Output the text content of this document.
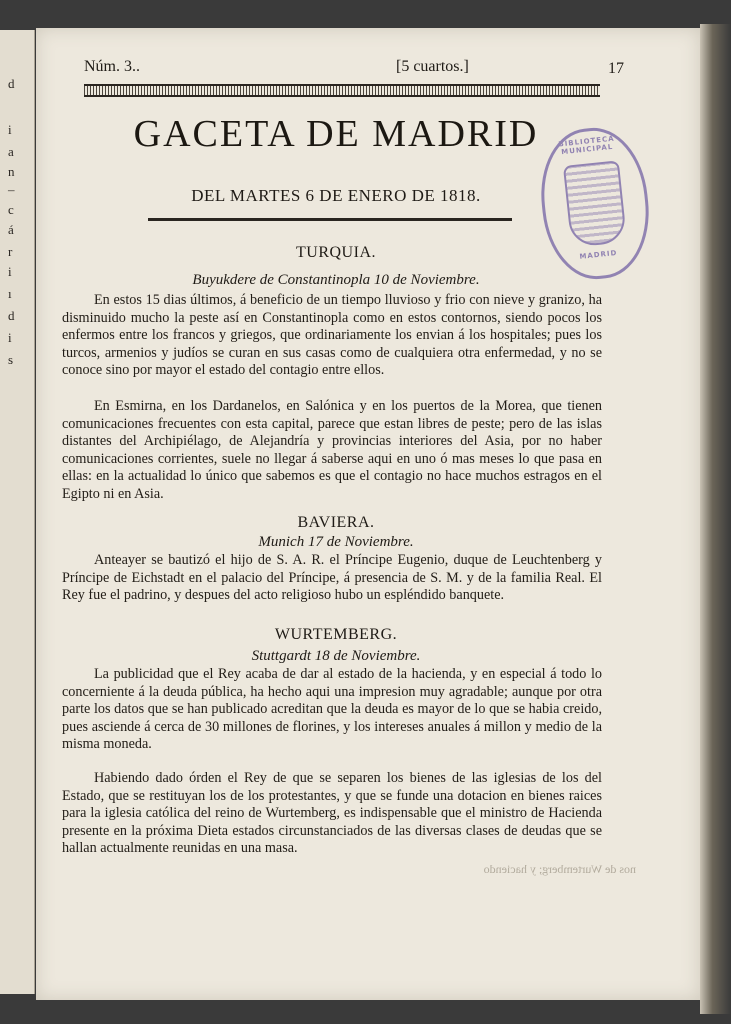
d
i
a
n
–
c
á
r
i
ı
d
i
s
Núm. 3..	[5 cuartos.]	17
GACETA DE MADRID
DEL MARTES 6 DE ENERO DE 1818.
BIBLIOTECA MUNICIPAL
MADRID
TURQUIA.
Buyukdere de Constantinopla 10 de Noviembre.
En estos 15 dias últimos, á beneficio de un tiempo lluvioso y frio con nieve y granizo, ha disminuido mucho la peste así en Constantinopla como en estos contornos, siendo pocos los enfermos entre los francos y griegos, que ordinariamente los envian á los hospitales; pues los turcos, armenios y judíos se curan en sus casas como de cualquiera otra enfermedad, y no se conoce sino por mayor el estado del contagio entre ellos.
En Esmirna, en los Dardanelos, en Salónica y en los puertos de la Morea, que tienen comunicaciones frecuentes con esta capital, parece que estan libres de peste; pero de las islas distantes del Archipiélago, de Alejandría y provincias interiores del Asia, por no haber comunicaciones corrientes, suele no llegar á saberse aqui en uno ó mas meses lo que pasa en ellas: en la actualidad lo único que sabemos es que el contagio no hace muchos estragos en el Egipto ni en Asia.
BAVIERA.
Munich 17 de Noviembre.
Anteayer se bautizó el hijo de S. A. R. el Príncipe Eugenio, duque de Leuchtenberg y Príncipe de Eichstadt en el palacio del Príncipe, á presencia de S. M. y de la familia Real. El Rey fue el padrino, y despues del acto religioso hubo un espléndido banquete.
WURTEMBERG.
Stuttgardt 18 de Noviembre.
La publicidad que el Rey acaba de dar al estado de la hacienda, y en especial á todo lo concerniente á la deuda pública, ha hecho aqui una impresion muy agradable; aunque por otra parte los datos que se han publicado acreditan que la deuda es mayor de lo que se habia creido, pues asciende á cerca de 30 millones de florines, y los intereses anuales á millon y medio de la misma moneda.
Habiendo dado órden el Rey de que se separen los bienes de las iglesias de los del Estado, que se restituyan los de los protestantes, y que se funde una dotacion en bienes raices para la iglesia católica del reino de Wurtemberg, es indispensable que el ministro de Hacienda presente en la próxima Dieta estados circunstanciados de las diversas clases de deudas que se hallan actualmente reunidas en una masa.
nos de Wurtemberg; y haciendo
